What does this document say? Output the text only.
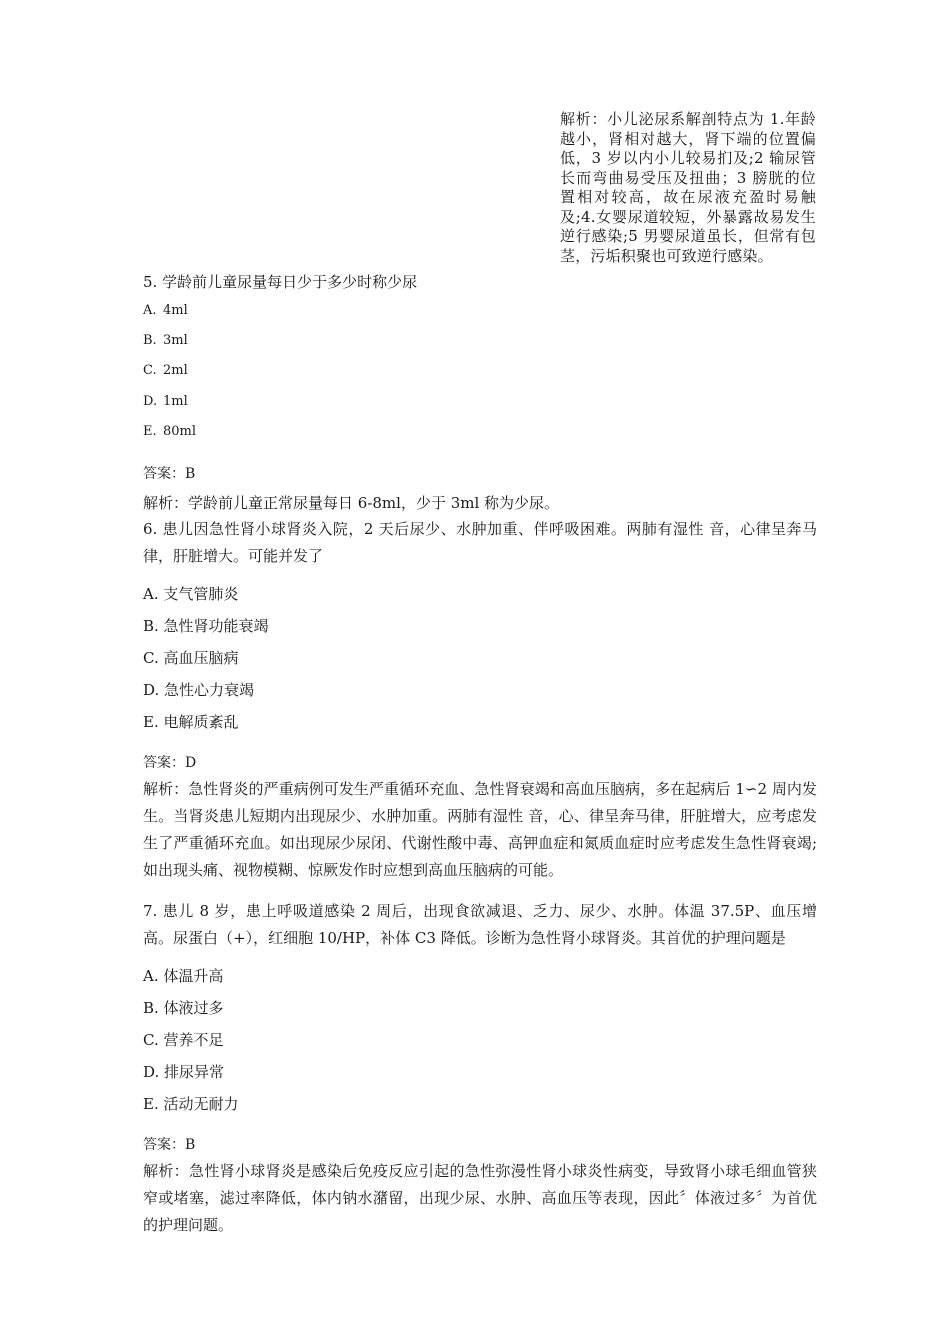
解析：小儿泌尿系解剖特点为 1.年龄越小，肾相对越大，肾下端的位置偏低，3 岁以内小儿较易扪及;2 输尿管长而弯曲易受压及扭曲；3 膀胱的位置相对较高，故在尿液充盈时易触及;4.女婴尿道较短，外暴露故易发生逆行感染;5 男婴尿道虽长，但常有包茎，污垢积聚也可致逆行感染。
5. 学龄前儿童尿量每日少于多少时称少尿
A. 4ml
B. 3ml
C. 2ml
D. 1ml
E. 80ml
答案：B
解析：学龄前儿童正常尿量每日 6-8ml，少于 3ml 称为少尿。
6. 患儿因急性肾小球肾炎入院，2 天后尿少、水肿加重、伴呼吸困难。两肺有湿性 音，心律呈奔马律，肝脏增大。可能并发了
A. 支气管肺炎
B. 急性肾功能衰竭
C. 高血压脑病
D. 急性心力衰竭
E. 电解质紊乱
答案：D
解析：急性肾炎的严重病例可发生严重循环充血、急性肾衰竭和高血压脑病，多在起病后 1∽2 周内发生。当肾炎患儿短期内出现尿少、水肿加重。两肺有湿性 音，心、律呈奔马律，肝脏增大，应考虑发生了严重循环充血。如出现尿少尿闭、代谢性酸中毒、高钾血症和氮质血症时应考虑发生急性肾衰竭;如出现头痛、视物模糊、惊厥发作时应想到高血压脑病的可能。
7. 患儿 8 岁，患上呼吸道感染 2 周后，出现食欲减退、乏力、尿少、水肿。体温 37.5P、血压增高。尿蛋白（+），红细胞 10/HP，补体 C3 降低。诊断为急性肾小球肾炎。其首优的护理问题是
A. 体温升高
B. 体液过多
C. 营养不足
D. 排尿异常
E. 活动无耐力
答案：B
解析：急性肾小球肾炎是感染后免疫反应引起的急性弥漫性肾小球炎性病变，导致肾小球毛细血管狭窄或堵塞，滤过率降低，体内钠水潴留，出现少尿、水肿、高血压等表现，因此〞体液过多〞为首优的护理问题。
